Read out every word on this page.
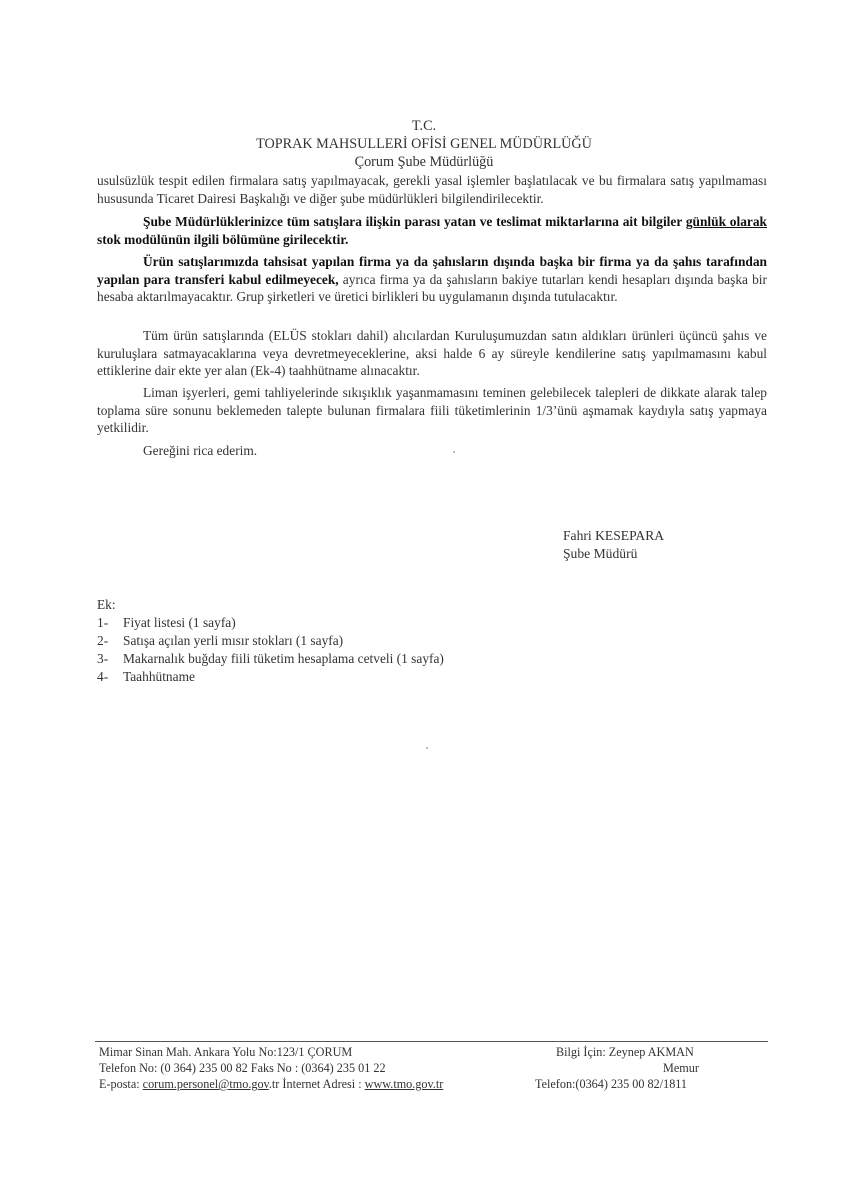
T.C.
TOPRAK MAHSULLERİ OFİSİ GENEL MÜDÜRLÜĞÜ
Çorum Şube Müdürlüğü
usulsüzlük tespit edilen firmalara satış yapılmayacak, gerekli yasal işlemler başlatılacak ve bu firmalara satış yapılmaması hususunda Ticaret Dairesi Başkalığı ve diğer şube müdürlükleri bilgilendirilecektir.
Şube Müdürlüklerinizce tüm satışlara ilişkin parası yatan ve teslimat miktarlarına ait bilgiler günlük olarak stok modülünün ilgili bölümüne girilecektir.
Ürün satışlarımızda tahsisat yapılan firma ya da şahısların dışında başka bir firma ya da şahıs tarafından yapılan para transferi kabul edilmeyecek, ayrıca firma ya da şahısların bakiye tutarları kendi hesapları dışında başka bir hesaba aktarılmayacaktır. Grup şirketleri ve üretici birlikleri bu uygulamanın dışında tutulacaktır.
Tüm ürün satışlarında (ELÜS stokları dahil) alıcılardan Kuruluşumuzdan satın aldıkları ürünleri üçüncü şahıs ve kuruluşlara satmayacaklarına veya devretmeyeceklerine, aksi halde 6 ay süreyle kendilerine satış yapılmamasını kabul ettiklerine dair ekte yer alan (Ek-4) taahhütname alınacaktır.
Liman işyerleri, gemi tahliyelerinde sıkışıklık yaşanmamasını teminen gelebilecek talepleri de dikkate alarak talep toplama süre sonunu beklemeden talepte bulunan firmalara fiili tüketimlerinin 1/3’ünü aşmamak kaydıyla satış yapmaya yetkilidir.
Gereğini rica ederim.
Fahri KESEPARA
Şube Müdürü
Ek:
1- Fiyat listesi (1 sayfa)
2- Satışa açılan yerli mısır stokları (1 sayfa)
3- Makarnalık buğday fiili tüketim hesaplama cetveli (1 sayfa)
4- Taahhütname
Mimar Sinan Mah. Ankara Yolu No:123/1 ÇORUM
Telefon No: (0 364) 235 00 82 Faks No : (0364) 235 01 22
E-posta: corum.personel@tmo.gov.tr İnternet Adresi : www.tmo.gov.tr
Bilgi İçin: Zeynep AKMAN
Memur
Telefon:(0364) 235 00 82/1811
